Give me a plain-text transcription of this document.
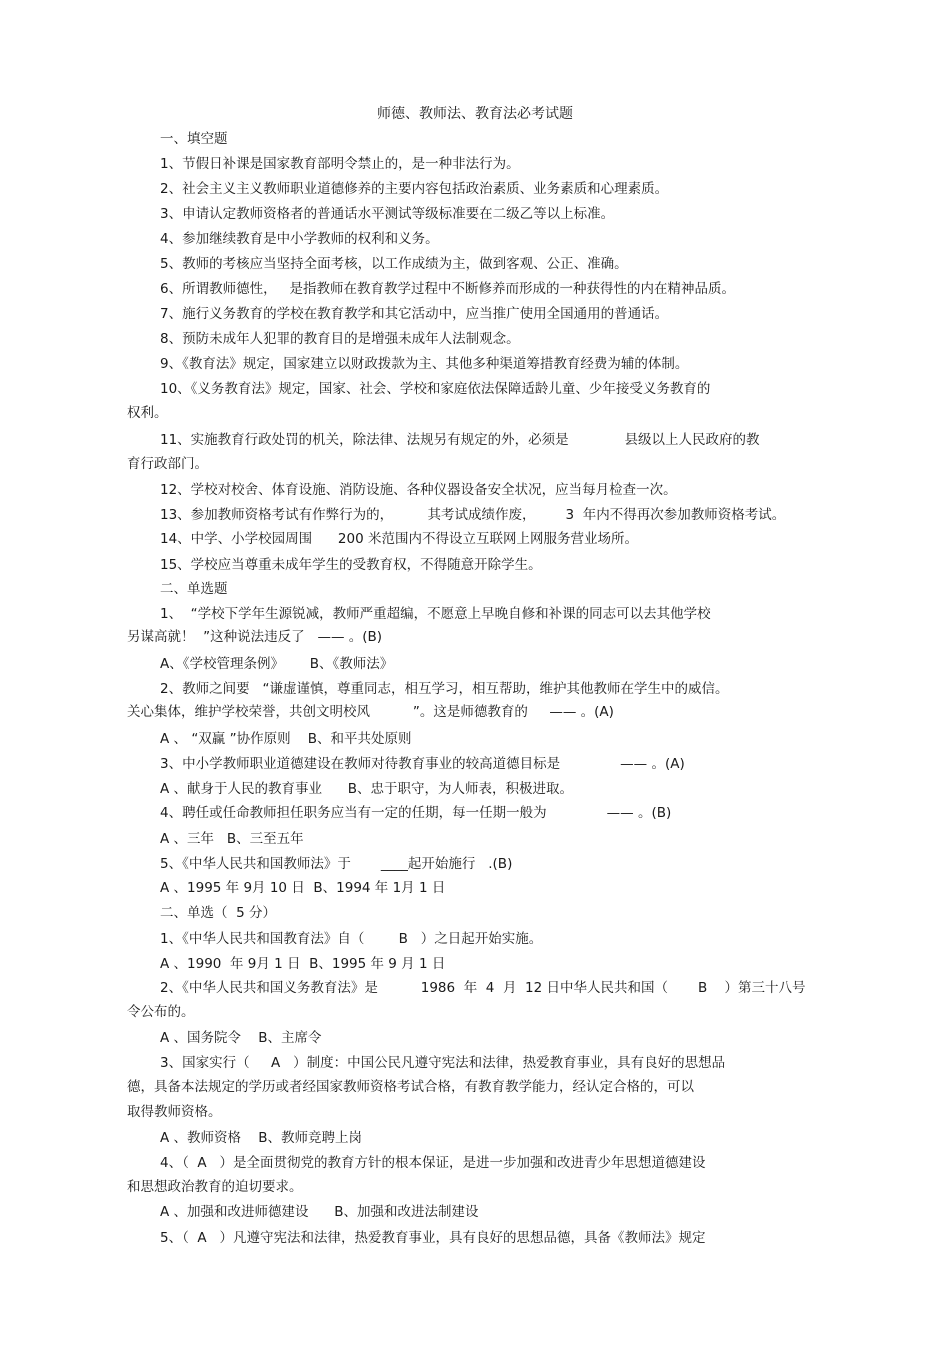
师德、教师法、教育法必考试题
一、填空题
1、节假日补课是国家教育部明令禁止的，是一种非法行为。
2、社会主义主义教师职业道德修养的主要内容包括政治素质、业务素质和心理素质。
3、申请认定教师资格者的普通话水平测试等级标准要在二级乙等以上标准。
4、参加继续教育是中小学教师的权利和义务。
5、教师的考核应当坚持全面考核，以工作成绩为主，做到客观、公正、准确。
6、所谓教师德性，   是指教师在教育教学过程中不断修养而形成的一种获得性的内在精神品质。
7、施行义务教育的学校在教育教学和其它活动中，应当推广使用全国通用的普通话。
8、预防未成年人犯罪的教育目的是增强未成年人法制观念。
9、《教育法》规定，国家建立以财政拨款为主、其他多种渠道筹措教育经费为辅的体制。
10、《义务教育法》规定，国家、社会、学校和家庭依法保障适龄儿童、少年接受义务教育的
权利。
11、实施教育行政处罚的机关，除法律、法规另有规定的外，必须是             县级以上人民政府的教
育行政部门。
12、学校对校舍、体育设施、消防设施、各种仪器设备安全状况，应当每月检查一次。
13、参加教师资格考试有作弊行为的，        其考试成绩作废，       3  年内不得再次参加教师资格考试。
14、中学、小学校园周围      200 米范围内不得设立互联网上网服务营业场所。
15、学校应当尊重未成年学生的受教育权，不得随意开除学生。
二、单选题
1、  “学校下学年生源锐减，教师严重超编，不愿意上早晚自修和补课的同志可以去其他学校
另谋高就！  ”这种说法违反了   —— 。(B)
A、《学校管理条例》      B、《教师法》
2、教师之间要   “谦虚谨慎，尊重同志，相互学习，相互帮助，维护其他教师在学生中的威信。
关心集体，维护学校荣誉，共创文明校风          ”。这是师德教育的     —— 。(A)
A 、 “双赢 ”协作原则    B、和平共处原则
3、中小学教师职业道德建设在教师对待教育事业的较高道德目标是              —— 。(A)
A 、献身于人民的教育事业      B、忠于职守，为人师表，积极进取。
4、聘任或任命教师担任职务应当有一定的任期，每一任期一般为              —— 。(B)
A 、三年   B、三至五年
5、《中华人民共和国教师法》于       ____起开始施行   .(B)
A 、1995 年 9月 10 日  B、1994 年 1月 1 日
二、单选（  5 分）
1、《中华人民共和国教育法》自（        B   ）之日起开始实施。
A 、1990  年 9月 1 日  B、1995 年 9 月 1 日
2、《中华人民共和国义务教育法》是          1986  年  4  月  12 日中华人民共和国（       B    ）第三十八号
令公布的。
A 、国务院令    B、主席令
3、国家实行（     A   ）制度：中国公民凡遵守宪法和法律，热爱教育事业，具有良好的思想品
德，具备本法规定的学历或者经国家教师资格考试合格，有教育教学能力，经认定合格的，可以
取得教师资格。
A 、教师资格    B、教师竞聘上岗
4、（  A   ）是全面贯彻党的教育方针的根本保证，是进一步加强和改进青少年思想道德建设
和思想政治教育的迫切要求。
A 、加强和改进师德建设      B、加强和改进法制建设
5、（  A   ）凡遵守宪法和法律，热爱教育事业，具有良好的思想品德，具备《教师法》规定
